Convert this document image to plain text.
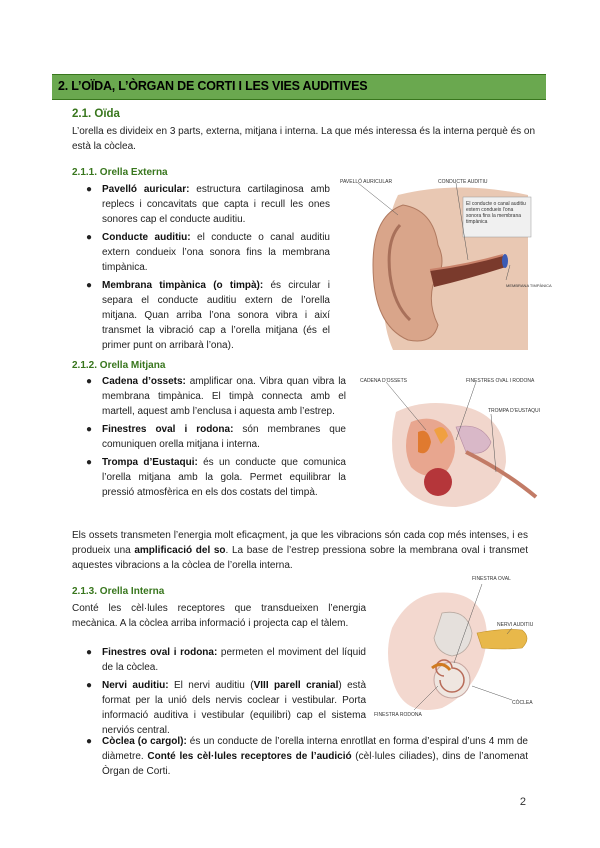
2. L’OÏDA, L’ÒRGAN DE CORTI I LES VIES AUDITIVES
2.1. Oïda

L’orella es divideix en 3 parts, externa, mitjana i interna. La que més interessa és la interna perquè és on està la còclea.

2.1.1. Orella Externa
● Pavelló auricular: estructura cartilaginosa amb replecs i concavitats que capta i recull les ones sonores cap el conducte auditiu.
● Conducte auditiu: el conducte o canal auditiu extern condueix l’ona sonora fins la membrana timpànica.
● Membrana timpànica (o timpà): és circular i separa el conducte auditiu extern de l’orella mitjana. Quan arriba l’ona sonora vibra i així transmet la vibració cap a l’orella mitjana (és el primer punt on arribarà l’ona).
El conducte o canal auditiu extern condueix l’ona sonora fins la membrana timpànica
PAVELLÓ AURICULAR	CONDUCTE AUDITIU
MEMBRANA TIMPÀNICA
2.1.2. Orella Mitjana
● Cadena d’ossets: amplificar ona. Vibra quan vibra la membrana timpànica. El timpà connecta amb el martell, aquest amb l’enclusa i aquesta amb l’estrep.
● Finestres oval i rodona: són membranes que comuniquen orella mitjana i interna.
● Trompa d’Eustaqui: és un conducte que comunica l’orella mitjana amb la gola. Permet equilibrar la pressió atmosfèrica en els dos costats del timpà.
CADENA D’OSSETS	FINESTRES OVAL I RODONA
TROMPA D’EUSTAQUI

Els ossets transmeten l’energia molt eficaçment, ja que les vibracions són cada cop més intenses, i es produeix una amplificació del so. La base de l’estrep pressiona sobre la membrana oval i transmet aquestes vibracions a la còclea de l’orella interna.

2.1.3. Orella Interna

Conté les cèl·lules receptores que transdueixen l’energia mecànica. A la còclea arriba informació i projecta cap el tàlem.

● Finestres oval i rodona: permeten el moviment del líquid de la còclea.
● Nervi auditiu: El nervi auditiu (VIII parell cranial) està format per la unió dels nervis coclear i vestibular. Porta informació auditiva i vestibular (equilibri) cap el sistema nerviós central.
● Còclea (o cargol): és un conducte de l’orella interna enrotllat en forma d’espiral d’uns 4 mm de diàmetre. Conté les cèl·lules receptores de l’audició (cèl·lules ciliades), dins de l’anomenat Òrgan de Corti.
FINESTRA OVAL
NERVI AUDITIU
FINESTRA RODONA
CÒCLEA
2
